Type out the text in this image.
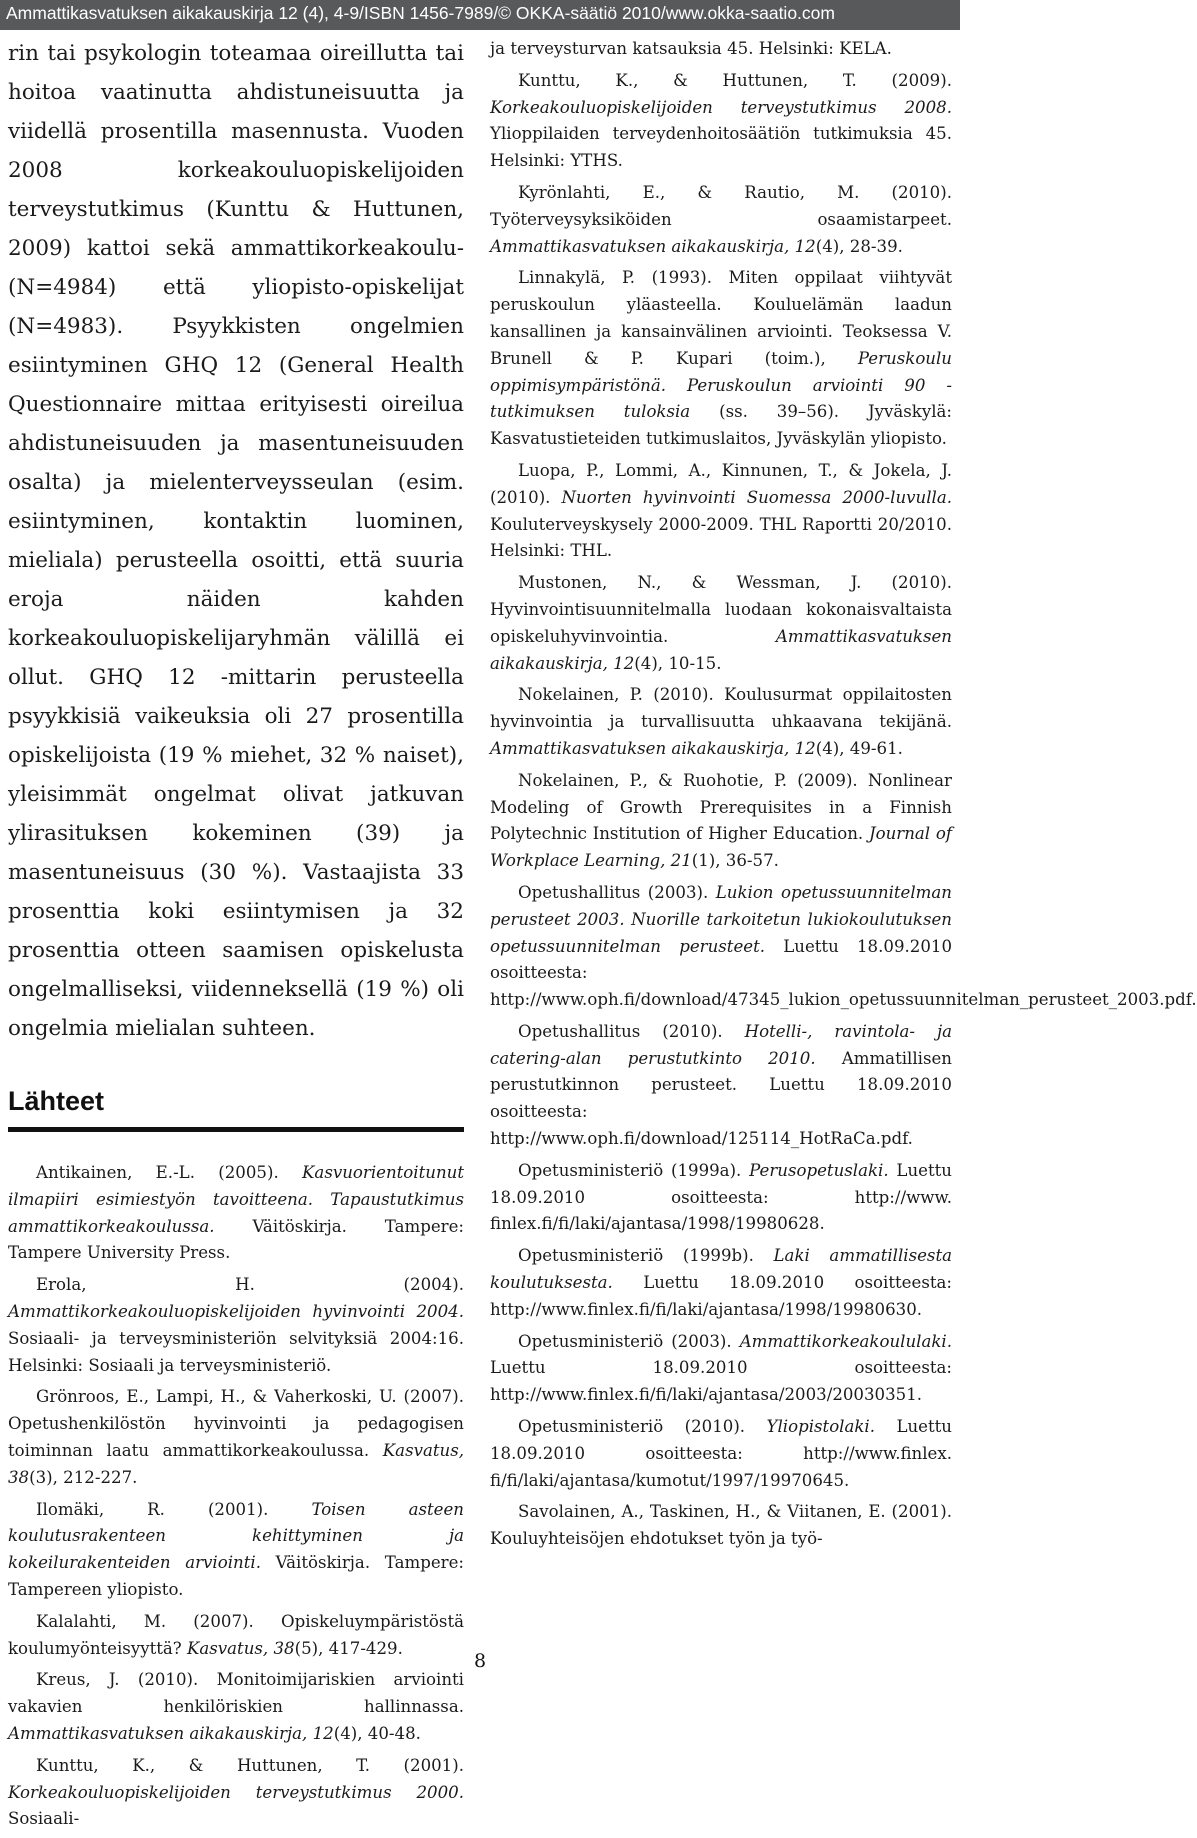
Ammattikasvatuksen aikakauskirja 12 (4), 4-9/ISBN 1456-7989/© OKKA-säätiö 2010/www.okka-saatio.com

rin tai psykologin toteamaa oireillutta tai hoitoa vaatinutta ahdistuneisuutta ja viidellä prosentilla masennusta. Vuoden 2008 korkeakouluopiskelijoiden terveystutkimus (Kunttu & Huttunen, 2009) kattoi sekä ammattikorkeakoulu- (N=4984) että yliopisto-opiskelijat (N=4983). Psyykkisten ongelmien esiintyminen GHQ 12 (General Health Questionnaire mittaa erityisesti oireilua ahdistuneisuuden ja masentuneisuuden osalta) ja mielenterveysseulan (esim. esiintyminen, kontaktin luominen, mieliala) perusteella osoitti, että suuria eroja näiden kahden korkeakouluopiskelijaryhmän välillä ei ollut. GHQ 12 -mittarin perusteella psyykkisiä vaikeuksia oli 27 prosentilla opiskelijoista (19 % miehet, 32 % naiset), yleisimmät ongelmat olivat jatkuvan ylirasituksen kokeminen (39) ja masentuneisuus (30 %). Vastaajista 33 prosenttia koki esiintymisen ja 32 prosenttia otteen saamisen opiskelusta ongelmalliseksi, viidenneksellä (19 %) oli ongelmia mielialan suhteen.

Lähteet

Antikainen, E.-L. (2005). Kasvuorientoitunut ilmapiiri esimiestyön tavoitteena. Tapaustutkimus ammattikorkeakoulussa. Väitöskirja. Tampere: Tampere University Press.

Erola, H. (2004). Ammattikorkeakouluopiskelijoiden hyvinvointi 2004. Sosiaali- ja terveysministeriön selvityksiä 2004:16. Helsinki: Sosiaali ja terveysministeriö.

Grönroos, E., Lampi, H., & Vaherkoski, U. (2007). Opetushenkilöstön hyvinvointi ja pedagogisen toiminnan laatu ammattikorkeakoulussa. Kasvatus, 38(3), 212-227.

Ilomäki, R. (2001). Toisen asteen koulutusrakenteen kehittyminen ja kokeilurakenteiden arviointi. Väitöskirja. Tampere: Tampereen yliopisto.

Kalalahti, M. (2007). Opiskeluympäristöstä koulumyönteisyyttä? Kasvatus, 38(5), 417-429.

Kreus, J. (2010). Monitoimijariskien arviointi vakavien henkilöriskien hallinnassa. Ammattikasvatuksen aikakauskirja, 12(4), 40-48.

Kunttu, K., & Huttunen, T. (2001). Korkeakouluopiskelijoiden terveystutkimus 2000. Sosiaali-

ja terveysturvan katsauksia 45. Helsinki: KELA.

Kunttu, K., & Huttunen, T. (2009). Korkeakouluopiskelijoiden terveystutkimus 2008. Ylioppilaiden terveydenhoitosäätiön tutkimuksia 45. Helsinki: YTHS.

Kyrönlahti, E., & Rautio, M. (2010). Työterveysyksiköiden osaamistarpeet. Ammattikasvatuksen aikakauskirja, 12(4), 28-39.

Linnakylä, P. (1993). Miten oppilaat viihtyvät peruskoulun yläasteella. Kouluelämän laadun kansallinen ja kansainvälinen arviointi. Teoksessa V. Brunell & P. Kupari (toim.), Peruskoulu oppimisympäristönä. Peruskoulun arviointi 90 -tutkimuksen tuloksia (ss. 39–56). Jyväskylä: Kasvatustieteiden tutkimuslaitos, Jyväskylän yliopisto.

Luopa, P., Lommi, A., Kinnunen, T., & Jokela, J. (2010). Nuorten hyvinvointi Suomessa 2000-luvulla. Kouluterveyskysely 2000-2009. THL Raportti 20/2010. Helsinki: THL.

Mustonen, N., & Wessman, J. (2010). Hyvinvointisuunnitelmalla luodaan kokonaisvaltaista opiskeluhyvinvointia. Ammattikasvatuksen aikakauskirja, 12(4), 10-15.

Nokelainen, P. (2010). Koulusurmat oppilaitosten hyvinvointia ja turvallisuutta uhkaavana tekijänä. Ammattikasvatuksen aikakauskirja, 12(4), 49-61.

Nokelainen, P., & Ruohotie, P. (2009). Nonlinear Modeling of Growth Prerequisites in a Finnish Polytechnic Institution of Higher Education. Journal of Workplace Learning, 21(1), 36-57.

Opetushallitus (2003). Lukion opetussuunnitelman perusteet 2003. Nuorille tarkoitetun lukiokoulutuksen opetussuunnitelman perusteet. Luettu 18.09.2010 osoitteesta: http://www.oph.fi/download/47345_lukion_opetussuunnitelman_perusteet_2003.pdf.

Opetushallitus (2010). Hotelli-, ravintola- ja catering-alan perustutkinto 2010. Ammatillisen perustutkinnon perusteet. Luettu 18.09.2010 osoitteesta: http://www.oph.fi/download/125114_HotRaCa.pdf.

Opetusministeriö (1999a). Perusopetuslaki. Luettu 18.09.2010 osoitteesta: http://www. finlex.fi/fi/laki/ajantasa/1998/19980628.

Opetusministeriö (1999b). Laki ammatillisesta koulutuksesta. Luettu 18.09.2010 osoitteesta: http://www.finlex.fi/fi/laki/ajantasa/1998/19980630.

Opetusministeriö (2003). Ammattikorkeakoululaki. Luettu 18.09.2010 osoitteesta: http://www.finlex.fi/fi/laki/ajantasa/2003/20030351.

Opetusministeriö (2010). Yliopistolaki. Luettu 18.09.2010 osoitteesta: http://www.finlex. fi/fi/laki/ajantasa/kumotut/1997/19970645.

Savolainen, A., Taskinen, H., & Viitanen, E. (2001). Kouluyhteisöjen ehdotukset työn ja työ-

8
